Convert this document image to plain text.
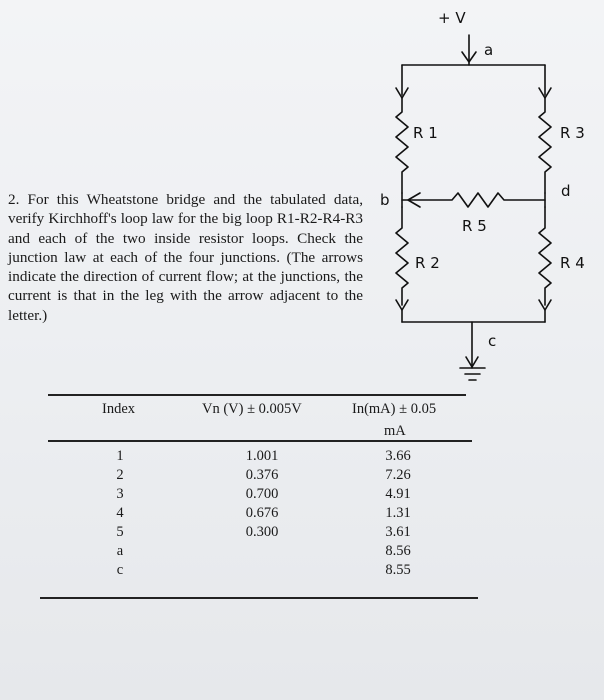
+ V
a
b
c
d
R 1
R 2
R 3
R 4
R 5
2. For this Wheatstone bridge and the tabulated data, verify Kirchhoff's loop law for the big loop R1-R2-R4-R3 and each of the two inside resistor loops. Check the junction law at each of the four junctions. (The arrows indicate the direction of current flow; at the junctions, the current is that in the leg with the arrow adjacent to the letter.)
Index	Vn (V) ± 0.005V	In(mA) ± 0.05
mA
1
2
3
4
5
a
c
1.001
0.376
0.700
0.676
0.300
3.66
7.26
4.91
1.31
3.61
8.56
8.55
